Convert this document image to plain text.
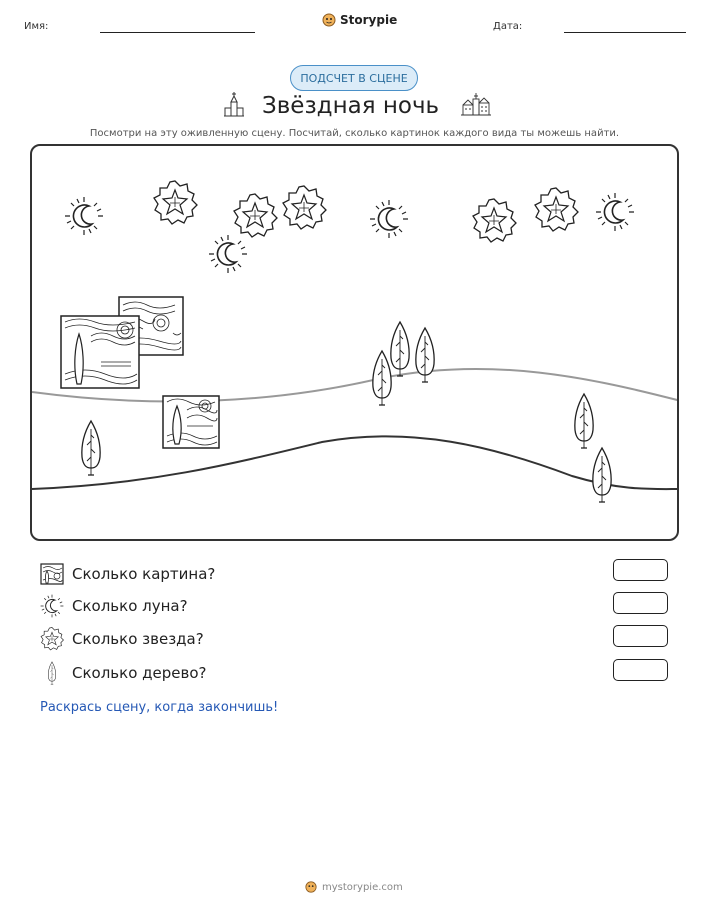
Имя:	Storypie	Дата:
ПОДСЧЕТ В СЦЕНЕ
Звёздная ночь
Посмотри на эту оживленную сцену. Посчитай, сколько картинок каждого вида ты можешь найти.
Сколько картина?
Сколько луна?
Сколько звезда?
Сколько дерево?
Раскрась сцену, когда закончишь!
mystorypie.com
